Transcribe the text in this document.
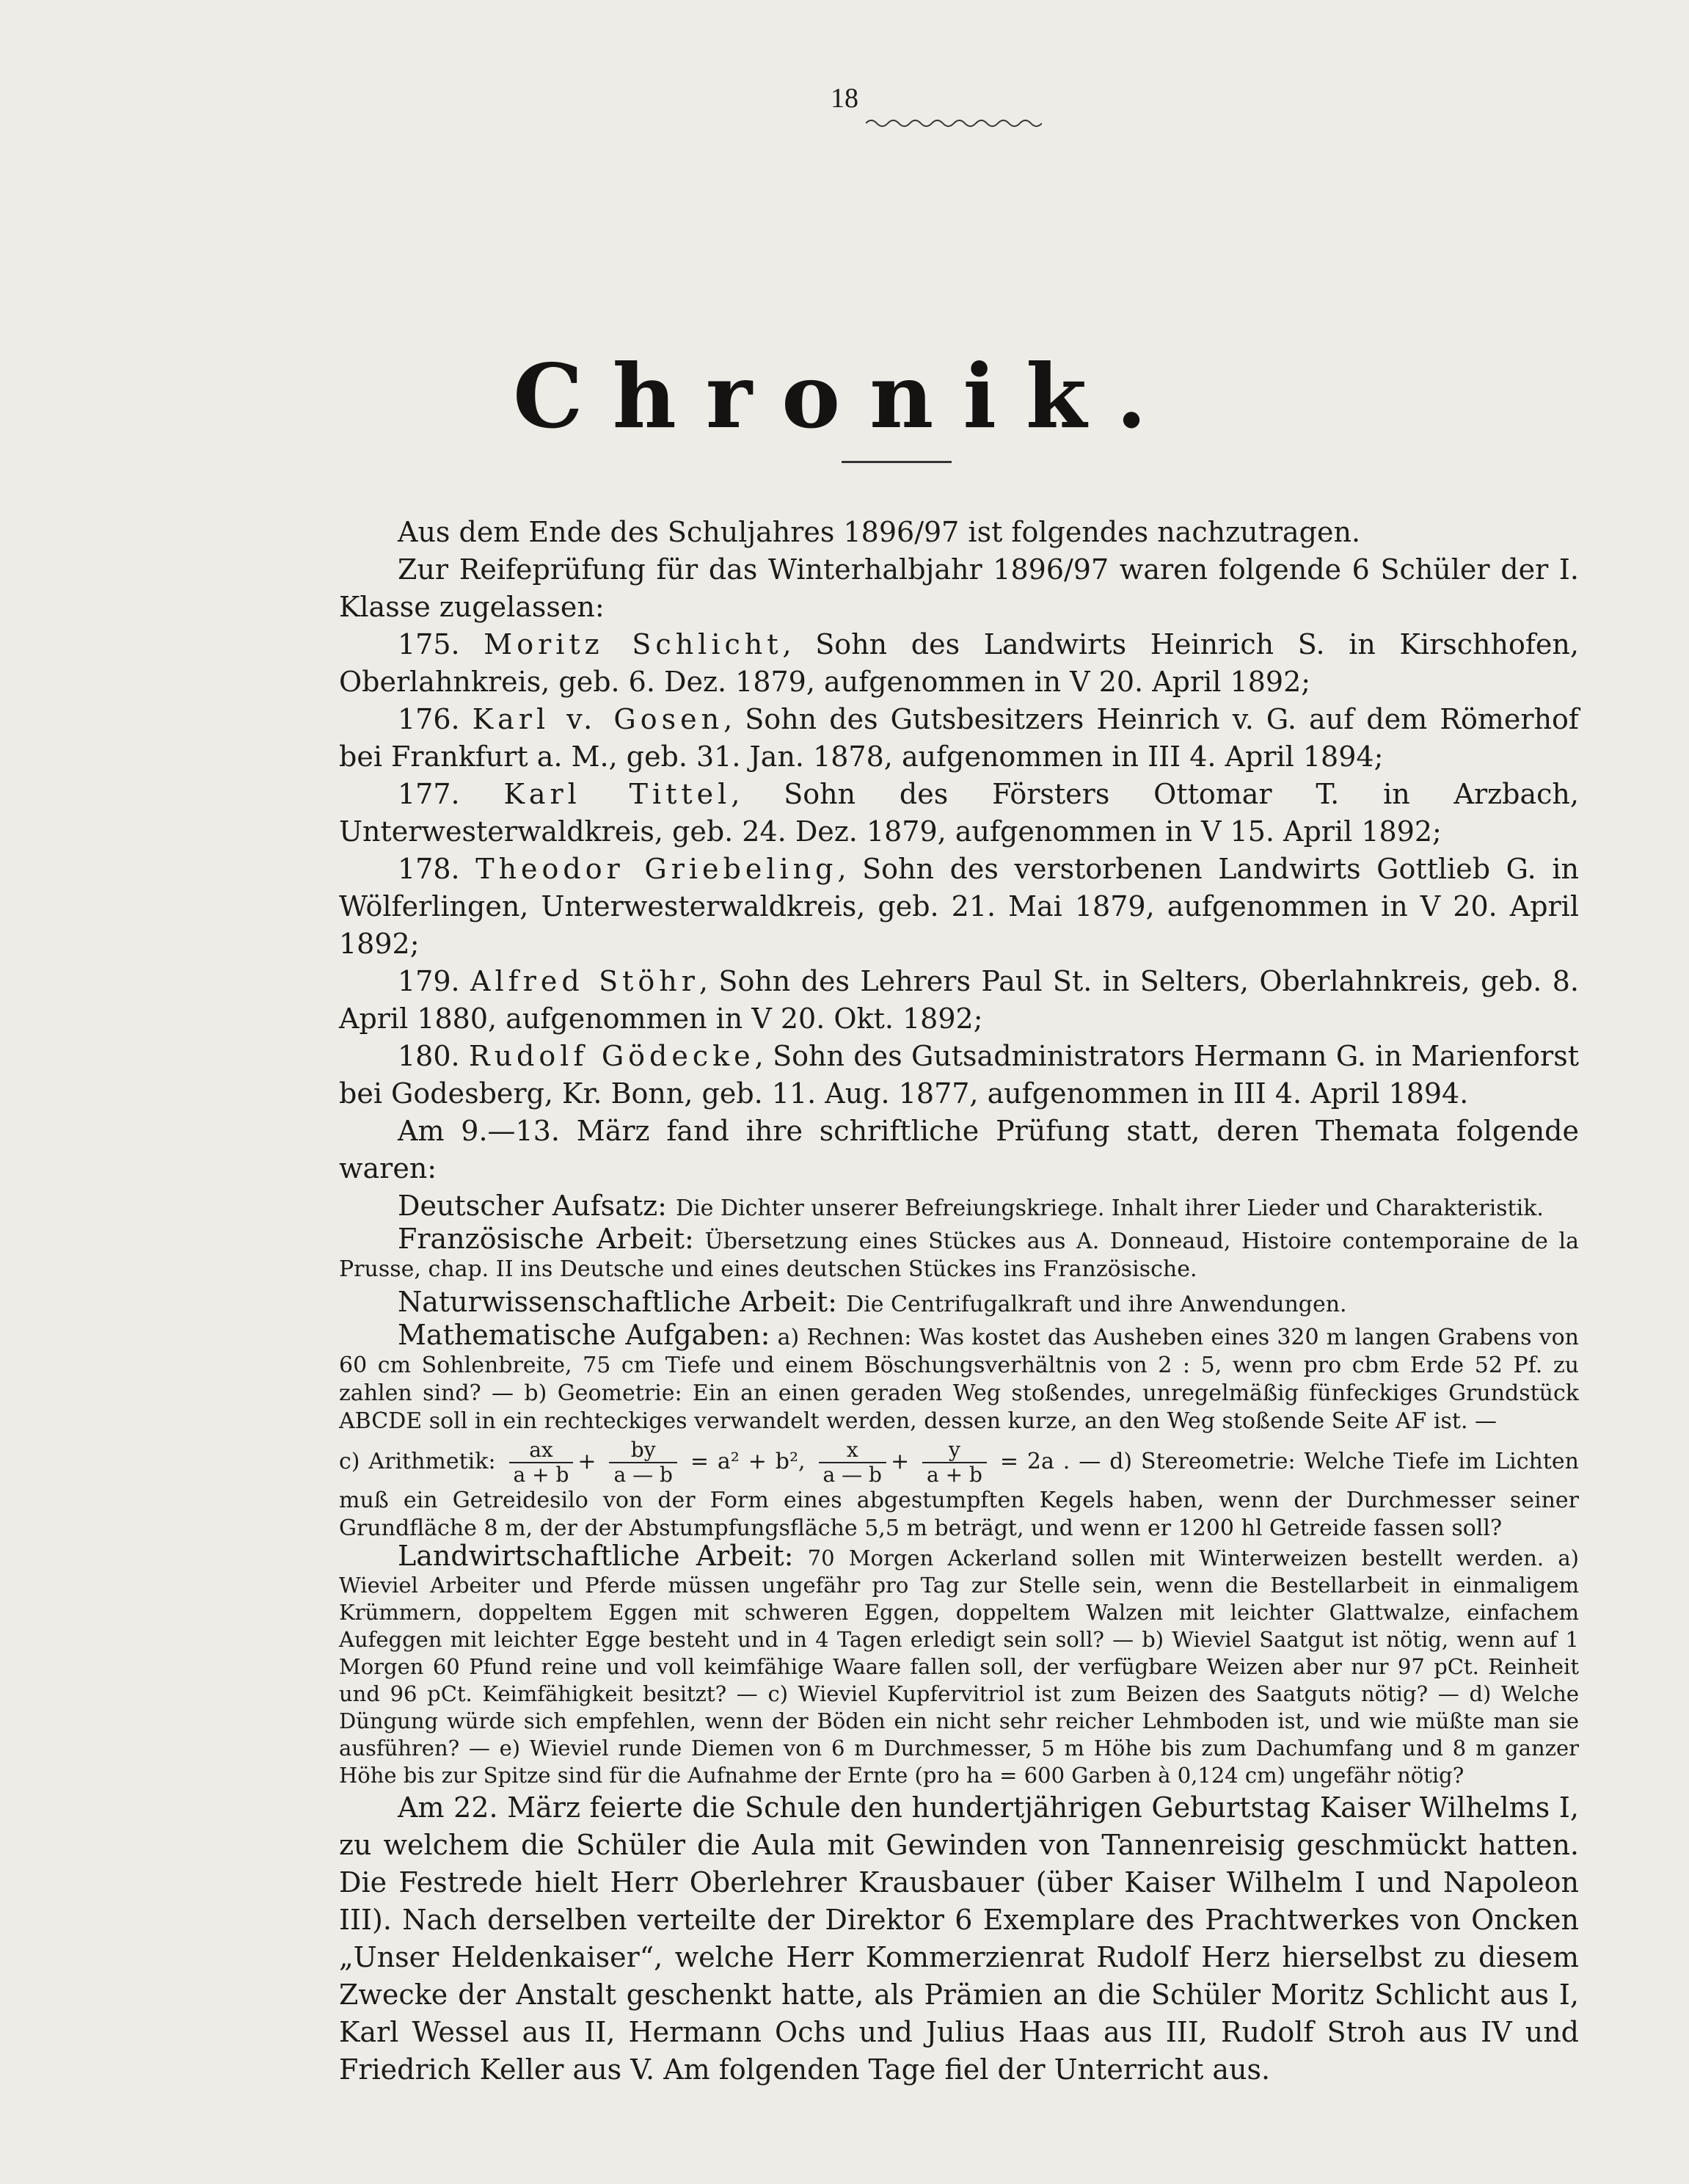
18
Chronik.

Aus dem Ende des Schuljahres 1896/97 ist folgendes nachzutragen.

Zur Reifeprüfung für das Winterhalbjahr 1896/97 waren folgende 6 Schüler der I. Klasse zugelassen:

175. Moritz Schlicht, Sohn des Landwirts Heinrich S. in Kirschhofen, Oberlahnkreis, geb. 6. Dez. 1879, aufgenommen in V 20. April 1892;

176. Karl v. Gosen, Sohn des Gutsbesitzers Heinrich v. G. auf dem Römerhof bei Frankfurt a. M., geb. 31. Jan. 1878, aufgenommen in III 4. April 1894;

177. Karl Tittel, Sohn des Försters Ottomar T. in Arzbach, Unterwesterwaldkreis, geb. 24. Dez. 1879, aufgenommen in V 15. April 1892;

178. Theodor Griebeling, Sohn des verstorbenen Landwirts Gottlieb G. in Wölferlingen, Unterwesterwaldkreis, geb. 21. Mai 1879, aufgenommen in V 20. April 1892;

179. Alfred Stöhr, Sohn des Lehrers Paul St. in Selters, Oberlahnkreis, geb. 8. April 1880, aufgenommen in V 20. Okt. 1892;

180. Rudolf Gödecke, Sohn des Gutsadministrators Hermann G. in Marienforst bei Godesberg, Kr. Bonn, geb. 11. Aug. 1877, aufgenommen in III 4. April 1894.

Am 9.—13. März fand ihre schriftliche Prüfung statt, deren Themata folgende waren:

Deutscher Aufsatz: Die Dichter unserer Befreiungskriege. Inhalt ihrer Lieder und Charakteristik.

Französische Arbeit: Übersetzung eines Stückes aus A. Donneaud, Histoire contemporaine de la Prusse, chap. II ins Deutsche und eines deutschen Stückes ins Französische.

Naturwissenschaftliche Arbeit: Die Centrifugalkraft und ihre Anwendungen.

Mathematische Aufgaben: a) Rechnen: Was kostet das Ausheben eines 320 m langen Grabens von 60 cm Sohlenbreite, 75 cm Tiefe und einem Böschungsverhältnis von 2 : 5, wenn pro cbm Erde 52 Pf. zu zahlen sind? — b) Geometrie: Ein an einen geraden Weg stoßendes, unregelmäßig fünfeckiges Grundstück ABCDE soll in ein rechteckiges verwandelt werden, dessen kurze, an den Weg stoßende Seite AF ist. —

c) Arithmetik: $\frac{ax}{a + b} + \frac{by}{a — b} = a^2 + b^2$, $\frac{x}{a — b} + \frac{y}{a + b} = 2a$ . — d) Stereometrie: Welche Tiefe im Lichten muß ein Getreidesilo von der Form eines abgestumpften Kegels haben, wenn der Durchmesser seiner Grundfläche 8 m, der der Abstumpfungsfläche 5,5 m beträgt, und wenn er 1200 hl Getreide fassen soll?

Landwirtschaftliche Arbeit: 70 Morgen Ackerland sollen mit Winterweizen bestellt werden. a) Wieviel Arbeiter und Pferde müssen ungefähr pro Tag zur Stelle sein, wenn die Bestellarbeit in einmaligem Krümmern, doppeltem Eggen mit schweren Eggen, doppeltem Walzen mit leichter Glattwalze, einfachem Aufeggen mit leichter Egge besteht und in 4 Tagen erledigt sein soll? — b) Wieviel Saatgut ist nötig, wenn auf 1 Morgen 60 Pfund reine und voll keimfähige Waare fallen soll, der verfügbare Weizen aber nur 97 pCt. Reinheit und 96 pCt. Keimfähigkeit besitzt? — c) Wieviel Kupfervitriol ist zum Beizen des Saatguts nötig? — d) Welche Düngung würde sich empfehlen, wenn der Böden ein nicht sehr reicher Lehmboden ist, und wie müßte man sie ausführen? — e) Wieviel runde Diemen von 6 m Durchmesser, 5 m Höhe bis zum Dachumfang und 8 m ganzer Höhe bis zur Spitze sind für die Aufnahme der Ernte (pro ha = 600 Garben à 0,124 cm) ungefähr nötig?

Am 22. März feierte die Schule den hundertjährigen Geburtstag Kaiser Wilhelms I, zu welchem die Schüler die Aula mit Gewinden von Tannenreisig geschmückt hatten. Die Festrede hielt Herr Oberlehrer Krausbauer (über Kaiser Wilhelm I und Napoleon III). Nach derselben verteilte der Direktor 6 Exemplare des Prachtwerkes von Oncken „Unser Heldenkaiser“, welche Herr Kommerzienrat Rudolf Herz hierselbst zu diesem Zwecke der Anstalt geschenkt hatte, als Prämien an die Schüler Moritz Schlicht aus I, Karl Wessel aus II, Hermann Ochs und Julius Haas aus III, Rudolf Stroh aus IV und Friedrich Keller aus V. Am folgenden Tage fiel der Unterricht aus.
